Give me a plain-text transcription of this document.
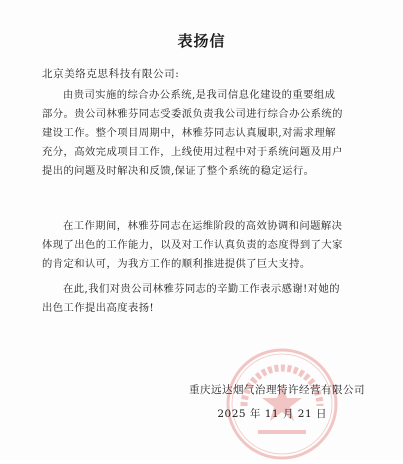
表扬信
北京美络克思科技有限公司:
由贵司实施的综合办公系统,是我司信息化建设的重要组成
部分。贵公司林雅芬同志受委派负责我公司进行综合办公系统的
建设工作。整个项目周期中，林雅芬同志认真履职,对需求理解
充分，高效完成项目工作，上线使用过程中对于系统问题及用户
提出的问题及时解决和反馈,保证了整个系统的稳定运行。
在工作期间，林雅芬同志在运维阶段的高效协调和问题解决
体现了出色的工作能力，以及对工作认真负责的态度得到了大家
的肯定和认可，为我方工作的顺利推进提供了巨大支持。
在此,我们对贵公司林雅芬同志的辛勤工作表示感谢!对她的
出色工作提出高度表扬!
重庆远达烟气治理特许经营有限公司
2025 年 11 月 21 日
